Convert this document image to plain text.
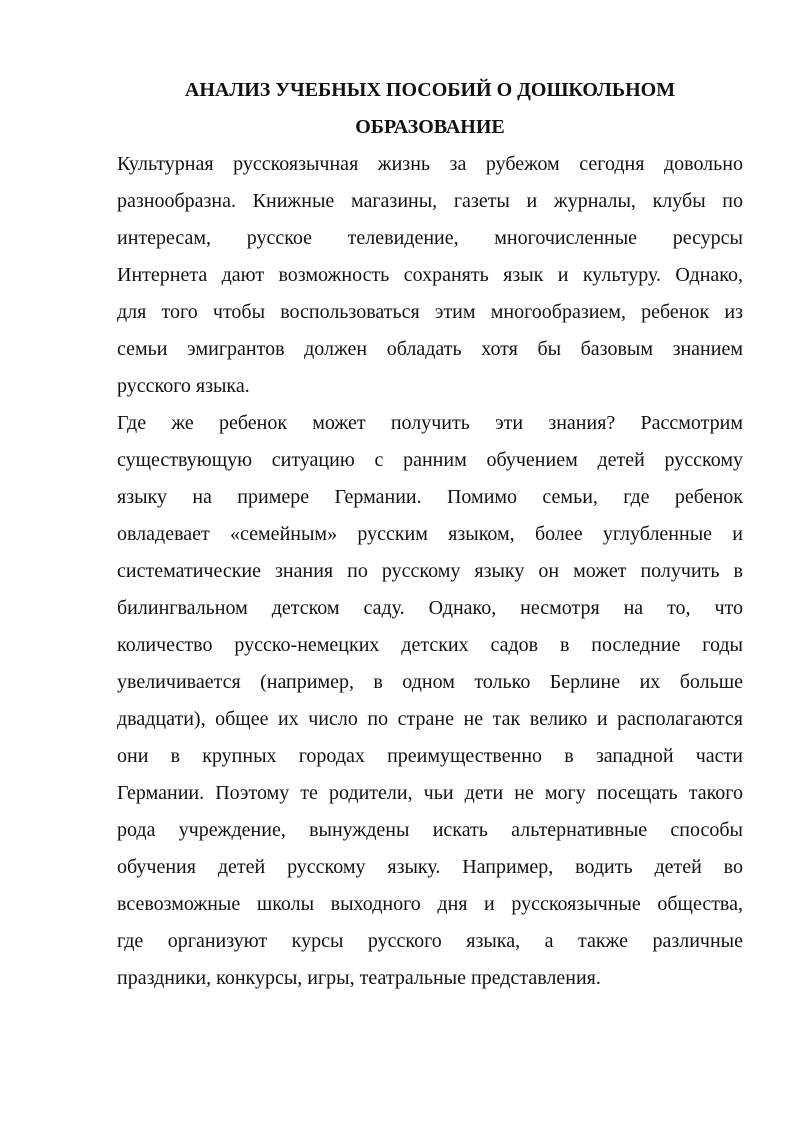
АНАЛИЗ УЧЕБНЫХ ПОСОБИЙ О ДОШКОЛЬНОМ
ОБРАЗОВАНИЕ

Культурная русскоязычная жизнь за рубежом сегодня довольно
разнообразна. Книжные магазины, газеты и журналы, клубы по
интересам, русское телевидение, многочисленные ресурсы
Интернета дают возможность сохранять язык и культуру. Однако,
для того чтобы воспользоваться этим многообразием, ребенок из
семьи эмигрантов должен обладать хотя бы базовым знанием
русского языка.

Где же ребенок может получить эти знания? Рассмотрим
существующую ситуацию с ранним обучением детей русскому
языку на примере Германии. Помимо семьи, где ребенок
овладевает «семейным» русским языком, более углубленные и
систематические знания по русскому языку он может получить в
билингвальном детском саду. Однако, несмотря на то, что
количество русско-немецких детских садов в последние годы
увеличивается (например, в одном только Берлине их больше
двадцати), общее их число по стране не так велико и располагаются
они в крупных городах преимущественно в западной части
Германии. Поэтому те родители, чьи дети не могу посещать такого
рода учреждение, вынуждены искать альтернативные способы
обучения детей русскому языку. Например, водить детей во
всевозможные школы выходного дня и русскоязычные общества,
где организуют курсы русского языка, а также различные
праздники, конкурсы, игры, театральные представления.
